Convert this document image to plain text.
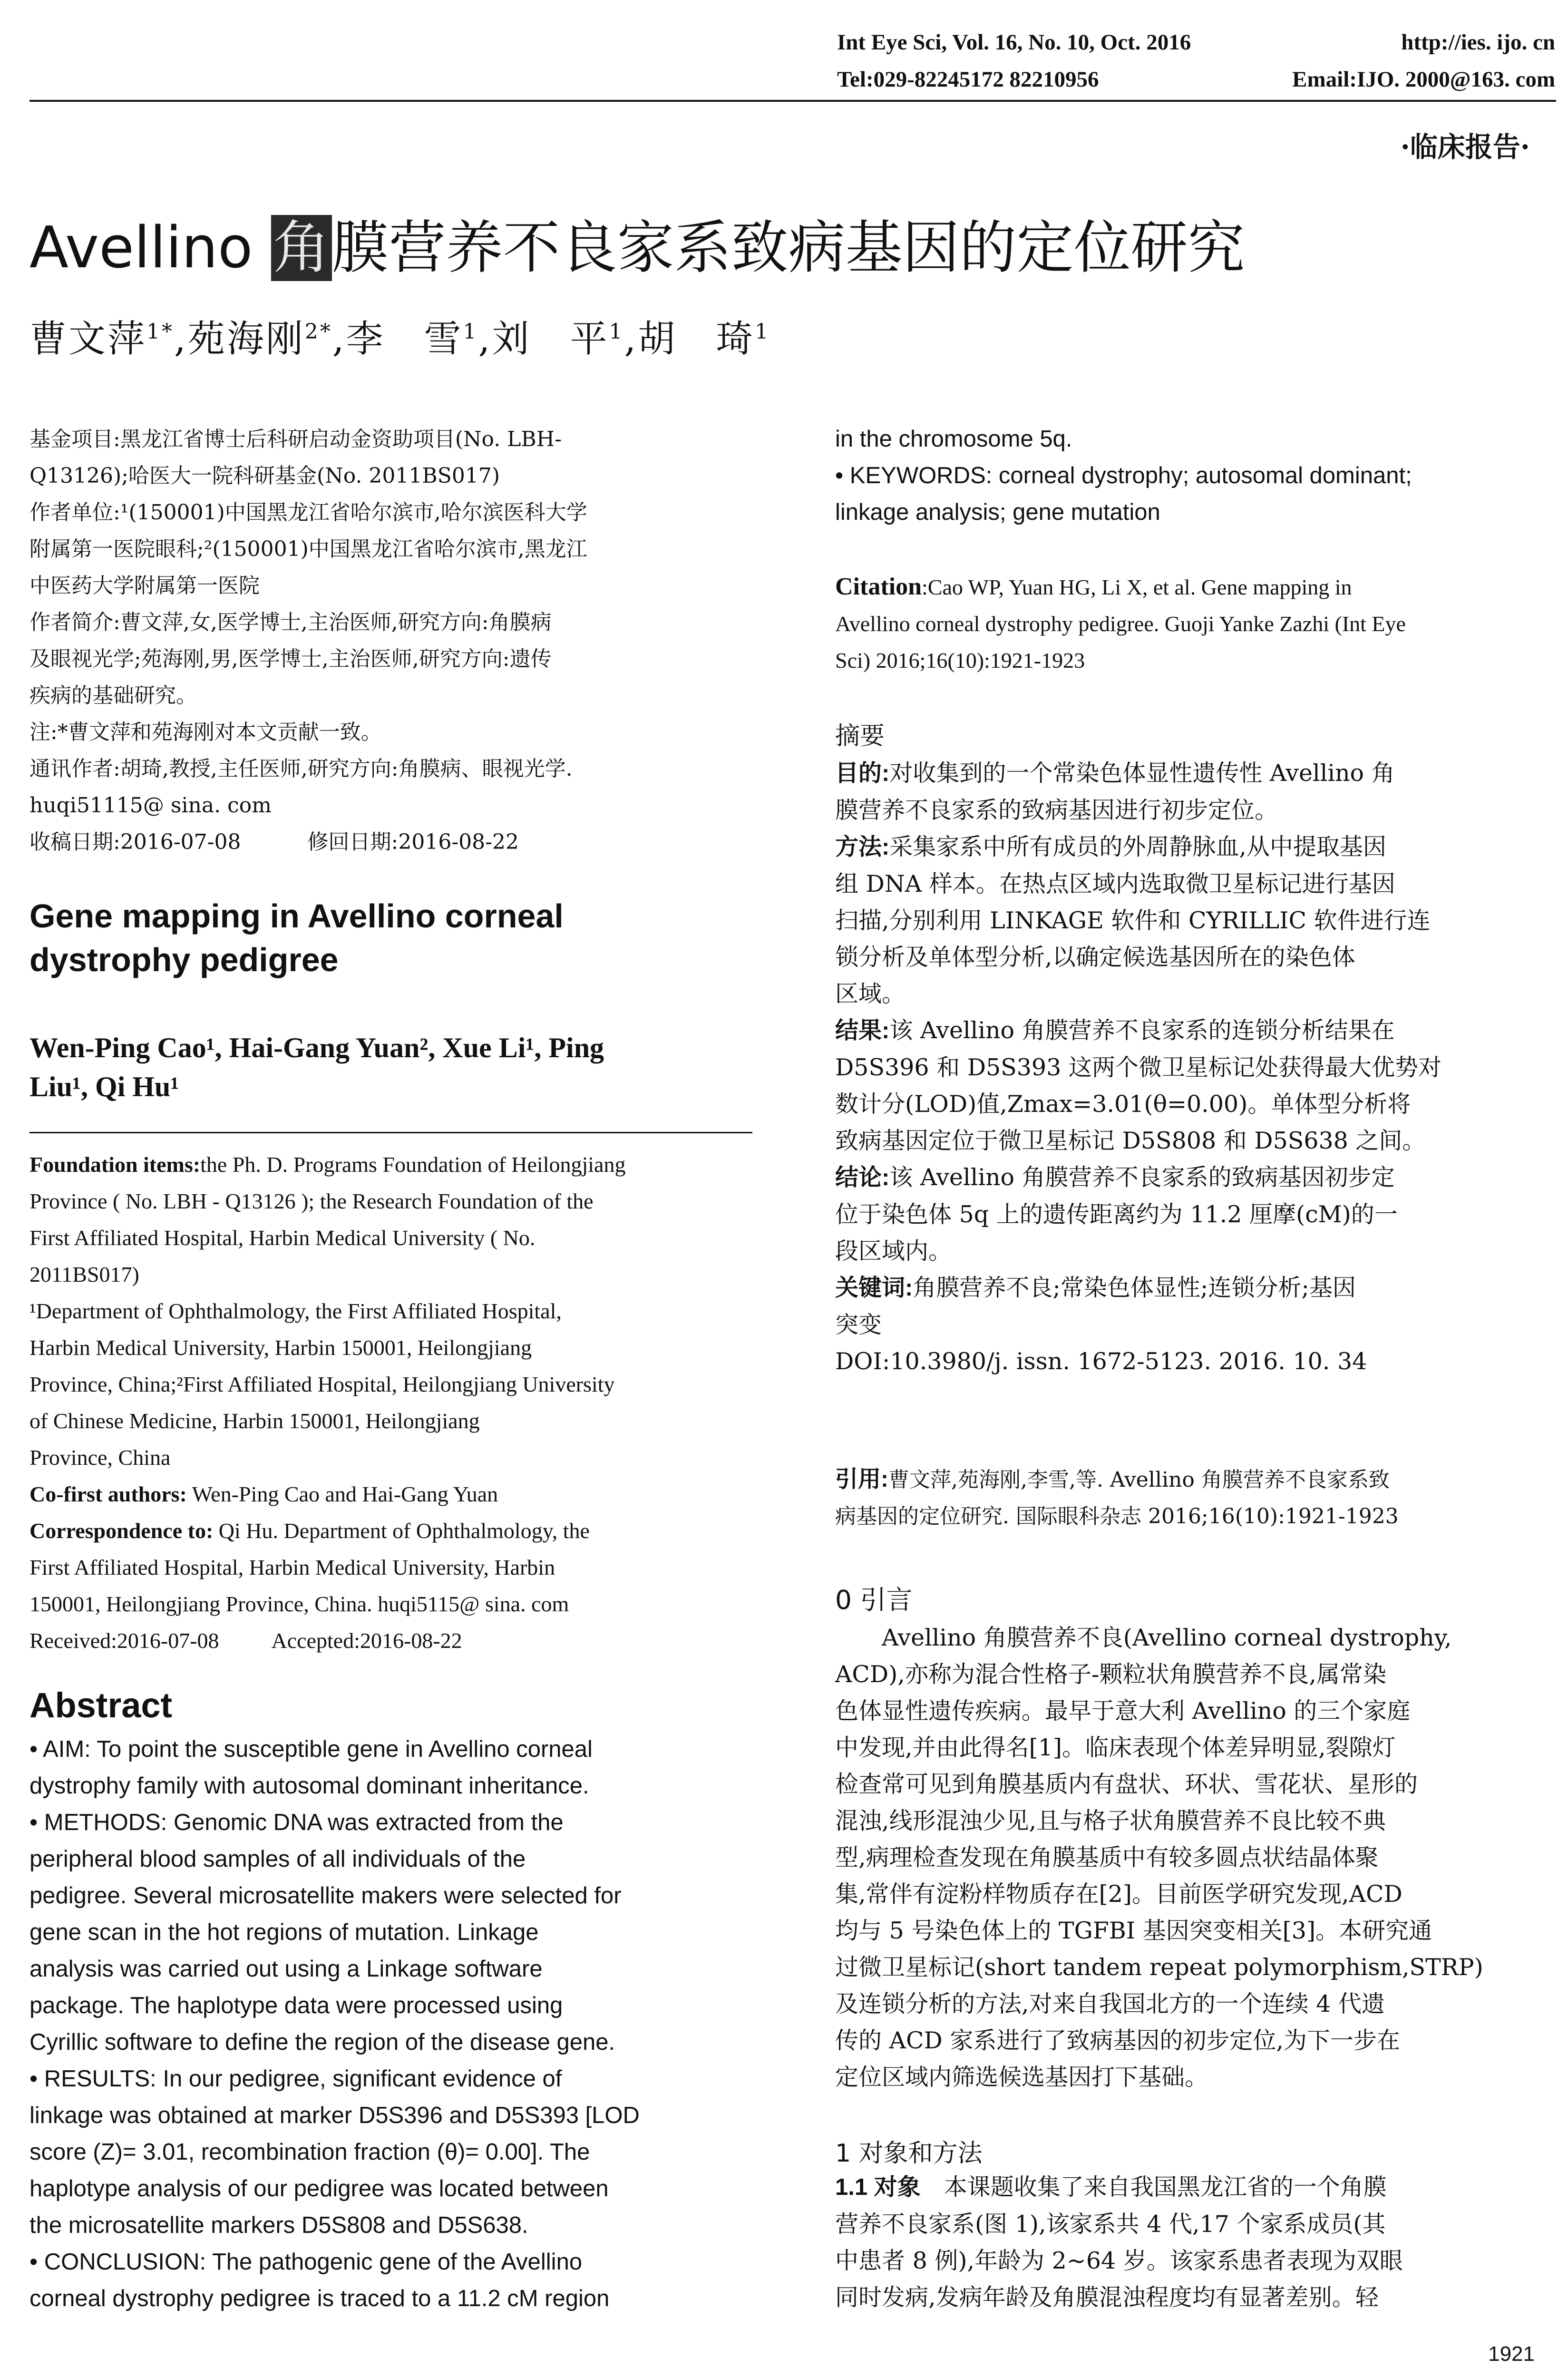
Int Eye Sci, Vol. 16, No. 10, Oct. 2016	http://ies. ijo. cn
Tel:029-82245172 82210956	Email:IJO. 2000@163. com
·临床报告·
Avellino 角膜营养不良家系致病基因的定位研究
曹文萍$^{1*}$,苑海刚$^{2*}$,李　雪$^1$,刘　平$^1$,胡　琦$^1$
基金项目:黑龙江省博士后科研启动金资助项目(No. LBH-
Q13126);哈医大一院科研基金(No. 2011BS017)
作者单位:¹(150001)中国黑龙江省哈尔滨市,哈尔滨医科大学
附属第一医院眼科;²(150001)中国黑龙江省哈尔滨市,黑龙江
中医药大学附属第一医院
作者简介:曹文萍,女,医学博士,主治医师,研究方向:角膜病
及眼视光学;苑海刚,男,医学博士,主治医师,研究方向:遗传
疾病的基础研究。
注:*曹文萍和苑海刚对本文贡献一致。
通讯作者:胡琦,教授,主任医师,研究方向:角膜病、眼视光学.
huqi51115@ sina. com
收稿日期:2016-07-08	修回日期:2016-08-22
Gene mapping in Avellino corneal
dystrophy pedigree
Wen-Ping Cao¹, Hai-Gang Yuan², Xue Li¹, Ping
Liu¹, Qi Hu¹
Foundation items:the Ph. D. Programs Foundation of Heilongjiang
Province ( No. LBH - Q13126 ); the Research Foundation of the
First Affiliated Hospital, Harbin Medical University ( No.
2011BS017)
¹Department of Ophthalmology, the First Affiliated Hospital,
Harbin Medical University, Harbin 150001, Heilongjiang
Province, China;²First Affiliated Hospital, Heilongjiang University
of Chinese Medicine, Harbin 150001, Heilongjiang
Province, China
Co-first authors: Wen-Ping Cao and Hai-Gang Yuan
Correspondence to: Qi Hu. Department of Ophthalmology, the
First Affiliated Hospital, Harbin Medical University, Harbin
150001, Heilongjiang Province, China. huqi5115@ sina. com
Received:2016-07-08 Accepted:2016-08-22
Abstract
• AIM: To point the susceptible gene in Avellino corneal
dystrophy family with autosomal dominant inheritance.
• METHODS: Genomic DNA was extracted from the
peripheral blood samples of all individuals of the
pedigree. Several microsatellite makers were selected for
gene scan in the hot regions of mutation. Linkage
analysis was carried out using a Linkage software
package. The haplotype data were processed using
Cyrillic software to define the region of the disease gene.
• RESULTS: In our pedigree, significant evidence of
linkage was obtained at marker D5S396 and D5S393 [LOD
score (Z)= 3.01, recombination fraction (θ)= 0.00]. The
haplotype analysis of our pedigree was located between
the microsatellite markers D5S808 and D5S638.
• CONCLUSION: The pathogenic gene of the Avellino
corneal dystrophy pedigree is traced to a 11.2 cM region
in the chromosome 5q.
• KEYWORDS: corneal dystrophy; autosomal dominant;
linkage analysis; gene mutation
Citation:Cao WP, Yuan HG, Li X, et al. Gene mapping in
Avellino corneal dystrophy pedigree. Guoji Yanke Zazhi (Int Eye
Sci) 2016;16(10):1921-1923
摘要
目的:对收集到的一个常染色体显性遗传性 Avellino 角
膜营养不良家系的致病基因进行初步定位。
方法:采集家系中所有成员的外周静脉血,从中提取基因
组 DNA 样本。在热点区域内选取微卫星标记进行基因
扫描,分别利用 LINKAGE 软件和 CYRILLIC 软件进行连
锁分析及单体型分析,以确定候选基因所在的染色体
区域。
结果:该 Avellino 角膜营养不良家系的连锁分析结果在
D5S396 和 D5S393 这两个微卫星标记处获得最大优势对
数计分(LOD)值,Zmax=3.01(θ=0.00)。单体型分析将
致病基因定位于微卫星标记 D5S808 和 D5S638 之间。
结论:该 Avellino 角膜营养不良家系的致病基因初步定
位于染色体 5q 上的遗传距离约为 11.2 厘摩(cM)的一
段区域内。
关键词:角膜营养不良;常染色体显性;连锁分析;基因
突变
DOI:10.3980/j. issn. 1672-5123. 2016. 10. 34
引用:曹文萍,苑海刚,李雪,等. Avellino 角膜营养不良家系致
病基因的定位研究. 国际眼科杂志 2016;16(10):1921-1923
0 引言
　　Avellino 角膜营养不良(Avellino corneal dystrophy,
ACD),亦称为混合性格子-颗粒状角膜营养不良,属常染
色体显性遗传疾病。最早于意大利 Avellino 的三个家庭
中发现,并由此得名[1]。临床表现个体差异明显,裂隙灯
检查常可见到角膜基质内有盘状、环状、雪花状、星形的
混浊,线形混浊少见,且与格子状角膜营养不良比较不典
型,病理检查发现在角膜基质中有较多圆点状结晶体聚
集,常伴有淀粉样物质存在[2]。目前医学研究发现,ACD
均与 5 号染色体上的 TGFBI 基因突变相关[3]。本研究通
过微卫星标记(short tandem repeat polymorphism,STRP)
及连锁分析的方法,对来自我国北方的一个连续 4 代遗
传的 ACD 家系进行了致病基因的初步定位,为下一步在
定位区域内筛选候选基因打下基础。
1 对象和方法
1.1 对象　本课题收集了来自我国黑龙江省的一个角膜
营养不良家系(图 1),该家系共 4 代,17 个家系成员(其
中患者 8 例),年龄为 2~64 岁。该家系患者表现为双眼
同时发病,发病年龄及角膜混浊程度均有显著差别。轻
1921
